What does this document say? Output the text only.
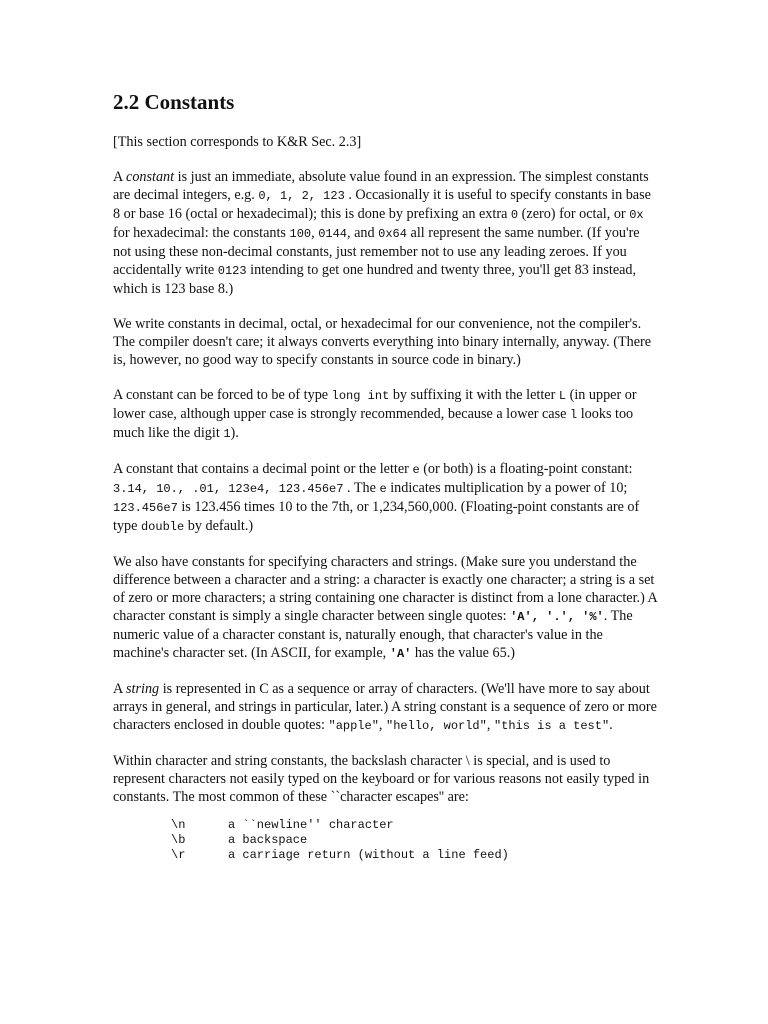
2.2 Constants

[This section corresponds to K&R Sec. 2.3]

A constant is just an immediate, absolute value found in an expression. The simplest constants are decimal integers, e.g. 0, 1, 2, 123 . Occasionally it is useful to specify constants in base 8 or base 16 (octal or hexadecimal); this is done by prefixing an extra 0 (zero) for octal, or 0x for hexadecimal: the constants 100, 0144, and 0x64 all represent the same number. (If you're not using these non-decimal constants, just remember not to use any leading zeroes. If you accidentally write 0123 intending to get one hundred and twenty three, you'll get 83 instead, which is 123 base 8.)

We write constants in decimal, octal, or hexadecimal for our convenience, not the compiler's. The compiler doesn't care; it always converts everything into binary internally, anyway. (There is, however, no good way to specify constants in source code in binary.)

A constant can be forced to be of type long int by suffixing it with the letter L (in upper or lower case, although upper case is strongly recommended, because a lower case l looks too much like the digit 1).

A constant that contains a decimal point or the letter e (or both) is a floating-point constant: 3.14, 10., .01, 123e4, 123.456e7 . The e indicates multiplication by a power of 10; 123.456e7 is 123.456 times 10 to the 7th, or 1,234,560,000. (Floating-point constants are of type double by default.)

We also have constants for specifying characters and strings. (Make sure you understand the difference between a character and a string: a character is exactly one character; a string is a set of zero or more characters; a string containing one character is distinct from a lone character.) A character constant is simply a single character between single quotes: 'A', '.', '%'. The numeric value of a character constant is, naturally enough, that character's value in the machine's character set. (In ASCII, for example, 'A' has the value 65.)

A string is represented in C as a sequence or array of characters. (We'll have more to say about arrays in general, and strings in particular, later.) A string constant is a sequence of zero or more characters enclosed in double quotes: "apple", "hello, world", "this is a test".

Within character and string constants, the backslash character \ is special, and is used to represent characters not easily typed on the keyboard or for various reasons not easily typed in constants. The most common of these ``character escapes'' are:

\n	a ``newline'' character
\b	a backspace
\r	a carriage return (without a line feed)
